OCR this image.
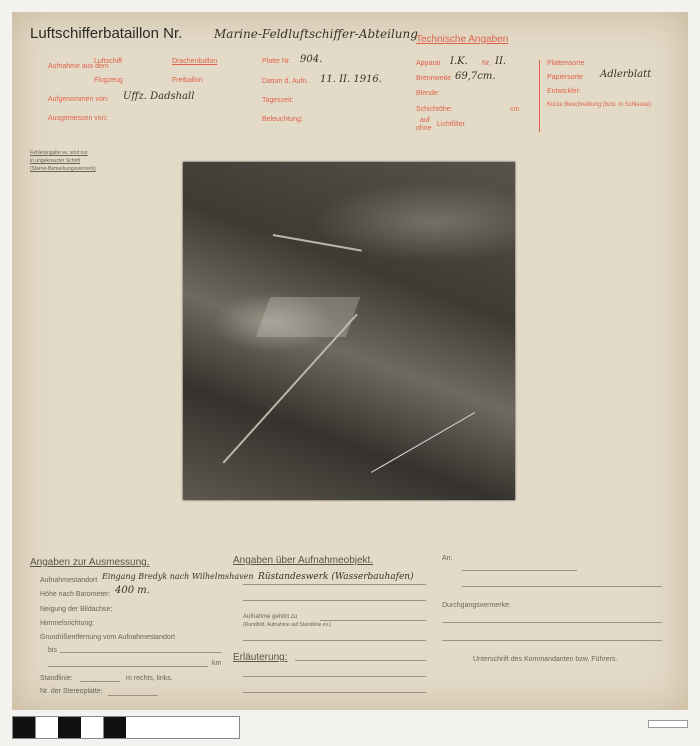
Luftschifferbataillon Nr.	Marine-Feldluftschiffer-Abteilung
Aufnahme aus dem
Luftschiff	Drachenballon
Flugzeug	Freiballon
Aufgenommen von: Uffz. Dadshall
Ausgemessen von:
Platte Nr. 904.
Datum d. Aufn. 11. II. 1916.
Tageszeit:
Beleuchtung:
Technische Angaben
Apparat I.K. Nr. II.
Brennweite 69,7cm.
Blende:
Schichtöhe:	cm
auf
ohne
Lichtfilter
Plattensorte
Papiersorte Adlerblatt
Entwickler:
Kurze Beschreibung (bzw. in Schleuse)
Fehlerangabe ev. sind nur
in ungekreuzter Schrift
(Sterne-Bemerkungsvermerk)
Angaben zur Ausmessung.
Aufnahmestandort Eingang Bredyk nach Wilhelmshaven
Höhe nach Barometer: 400 m.
Neigung der Bildachse:
Himmelsrichtung:
Grundrißentfernung vom Aufnahmestandort
bis
km
Standlinie:	m rechts, links.
Nr. der Stereoplatte:
Angaben über Aufnahmeobjekt.
Rüstandeswerk (Wasserbauhafen)
Aufnahme gehört zu
(Rundbild, Aufnahme auf Standlinie ev.)
Erläuterung:
An:
Durchgangsvermerke:
Unterschrift des Kommandanten bzw. Führers.
